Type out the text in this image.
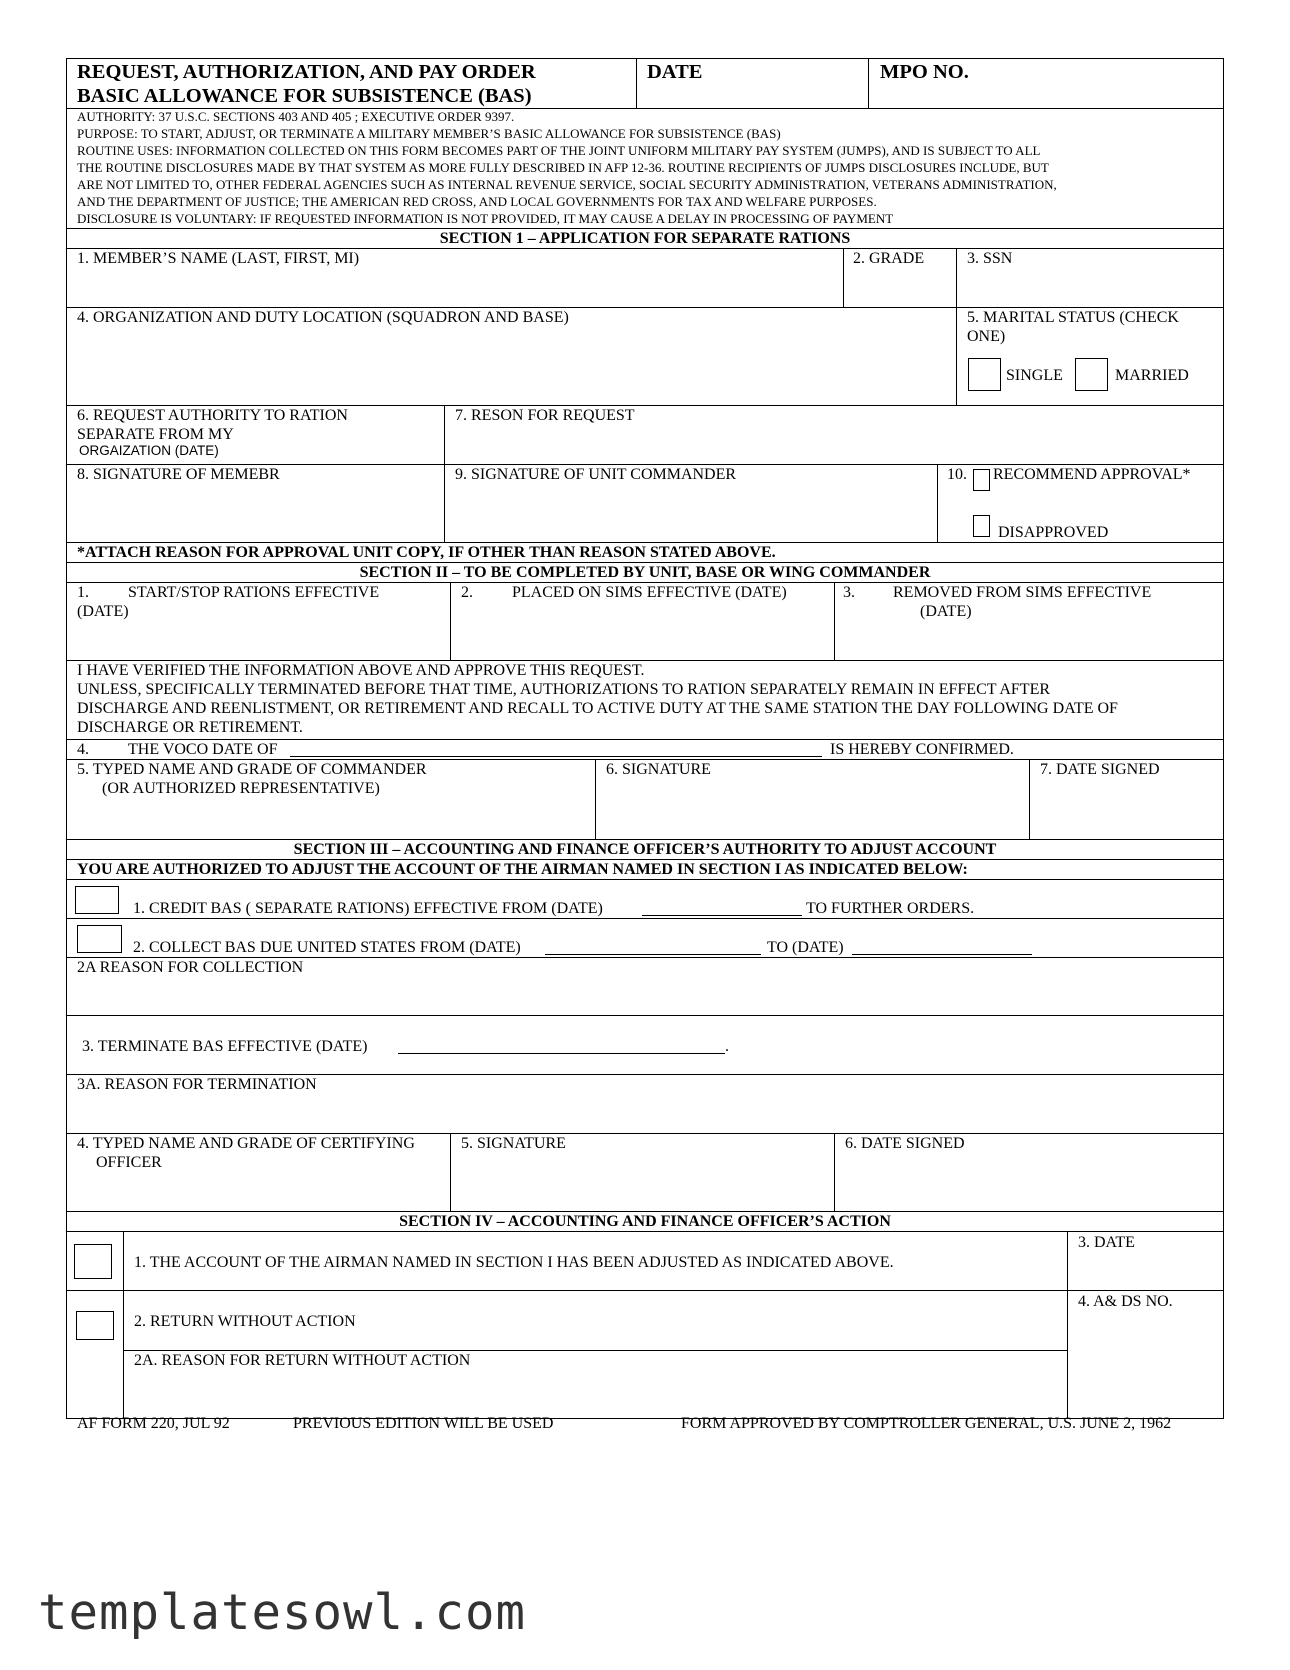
REQUEST, AUTHORIZATION, AND PAY ORDER
BASIC ALLOWANCE FOR SUBSISTENCE (BAS)
DATE	MPO NO.
AUTHORITY: 37 U.S.C. SECTIONS 403 AND 405 ; EXECUTIVE ORDER 9397.
PURPOSE: TO START, ADJUST, OR TERMINATE A MILITARY MEMBER’S BASIC ALLOWANCE FOR SUBSISTENCE (BAS)
ROUTINE USES: INFORMATION COLLECTED ON THIS FORM BECOMES PART OF THE JOINT UNIFORM MILITARY PAY SYSTEM (JUMPS), AND IS SUBJECT TO ALL
THE ROUTINE DISCLOSURES MADE BY THAT SYSTEM AS MORE FULLY DESCRIBED IN AFP 12-36. ROUTINE RECIPIENTS OF JUMPS DISCLOSURES INCLUDE, BUT
ARE NOT LIMITED TO, OTHER FEDERAL AGENCIES SUCH AS INTERNAL REVENUE SERVICE, SOCIAL SECURITY ADMINISTRATION, VETERANS ADMINISTRATION,
AND THE DEPARTMENT OF JUSTICE; THE AMERICAN RED CROSS, AND LOCAL GOVERNMENTS FOR TAX AND WELFARE PURPOSES.
DISCLOSURE IS VOLUNTARY: IF REQUESTED INFORMATION IS NOT PROVIDED, IT MAY CAUSE A DELAY IN PROCESSING OF PAYMENT
SECTION 1 – APPLICATION FOR SEPARATE RATIONS
1. MEMBER’S NAME (LAST, FIRST, MI)	2. GRADE	3. SSN
4. ORGANIZATION AND DUTY LOCATION (SQUADRON AND BASE)	5. MARITAL STATUS (CHECK
ONE)
SINGLE	MARRIED
6. REQUEST AUTHORITY TO RATION
SEPARATE FROM MY
ORGAIZATION (DATE)
7. RESON FOR REQUEST
8. SIGNATURE OF MEMEBR	9. SIGNATURE OF UNIT COMMANDER	10. RECOMMEND APPROVAL*
DISAPPROVED
*ATTACH REASON FOR APPROVAL UNIT COPY, IF OTHER THAN REASON STATED ABOVE.
SECTION II – TO BE COMPLETED BY UNIT, BASE OR WING COMMANDER
1. START/STOP RATIONS EFFECTIVE
(DATE)
2. PLACED ON SIMS EFFECTIVE (DATE)	3. REMOVED FROM SIMS EFFECTIVE
(DATE)
I HAVE VERIFIED THE INFORMATION ABOVE AND APPROVE THIS REQUEST.
UNLESS, SPECIFICALLY TERMINATED BEFORE THAT TIME, AUTHORIZATIONS TO RATION SEPARATELY REMAIN IN EFFECT AFTER
DISCHARGE AND REENLISTMENT, OR RETIREMENT AND RECALL TO ACTIVE DUTY AT THE SAME STATION THE DAY FOLLOWING DATE OF
DISCHARGE OR RETIREMENT.
4. THE VOCO DATE OF	IS HEREBY CONFIRMED.
5. TYPED NAME AND GRADE OF COMMANDER
(OR AUTHORIZED REPRESENTATIVE)
6. SIGNATURE	7. DATE SIGNED
SECTION III – ACCOUNTING AND FINANCE OFFICER’S AUTHORITY TO ADJUST ACCOUNT
YOU ARE AUTHORIZED TO ADJUST THE ACCOUNT OF THE AIRMAN NAMED IN SECTION I AS INDICATED BELOW:
1. CREDIT BAS ( SEPARATE RATIONS) EFFECTIVE FROM (DATE)	TO FURTHER ORDERS.
2. COLLECT BAS DUE UNITED STATES FROM (DATE)	TO (DATE)
2A REASON FOR COLLECTION
3. TERMINATE BAS EFFECTIVE (DATE)	.
3A. REASON FOR TERMINATION
4. TYPED NAME AND GRADE OF CERTIFYING
OFFICER
5. SIGNATURE	6. DATE SIGNED
SECTION IV – ACCOUNTING AND FINANCE OFFICER’S ACTION
1. THE ACCOUNT OF THE AIRMAN NAMED IN SECTION I HAS BEEN ADJUSTED AS INDICATED ABOVE.
3. DATE
2. RETURN WITHOUT ACTION
4. A& DS NO.
2A. REASON FOR RETURN WITHOUT ACTION
AF FORM 220, JUL 92	PREVIOUS EDITION WILL BE USED	FORM APPROVED BY COMPTROLLER GENERAL, U.S. JUNE 2, 1962
templatesowl.com
